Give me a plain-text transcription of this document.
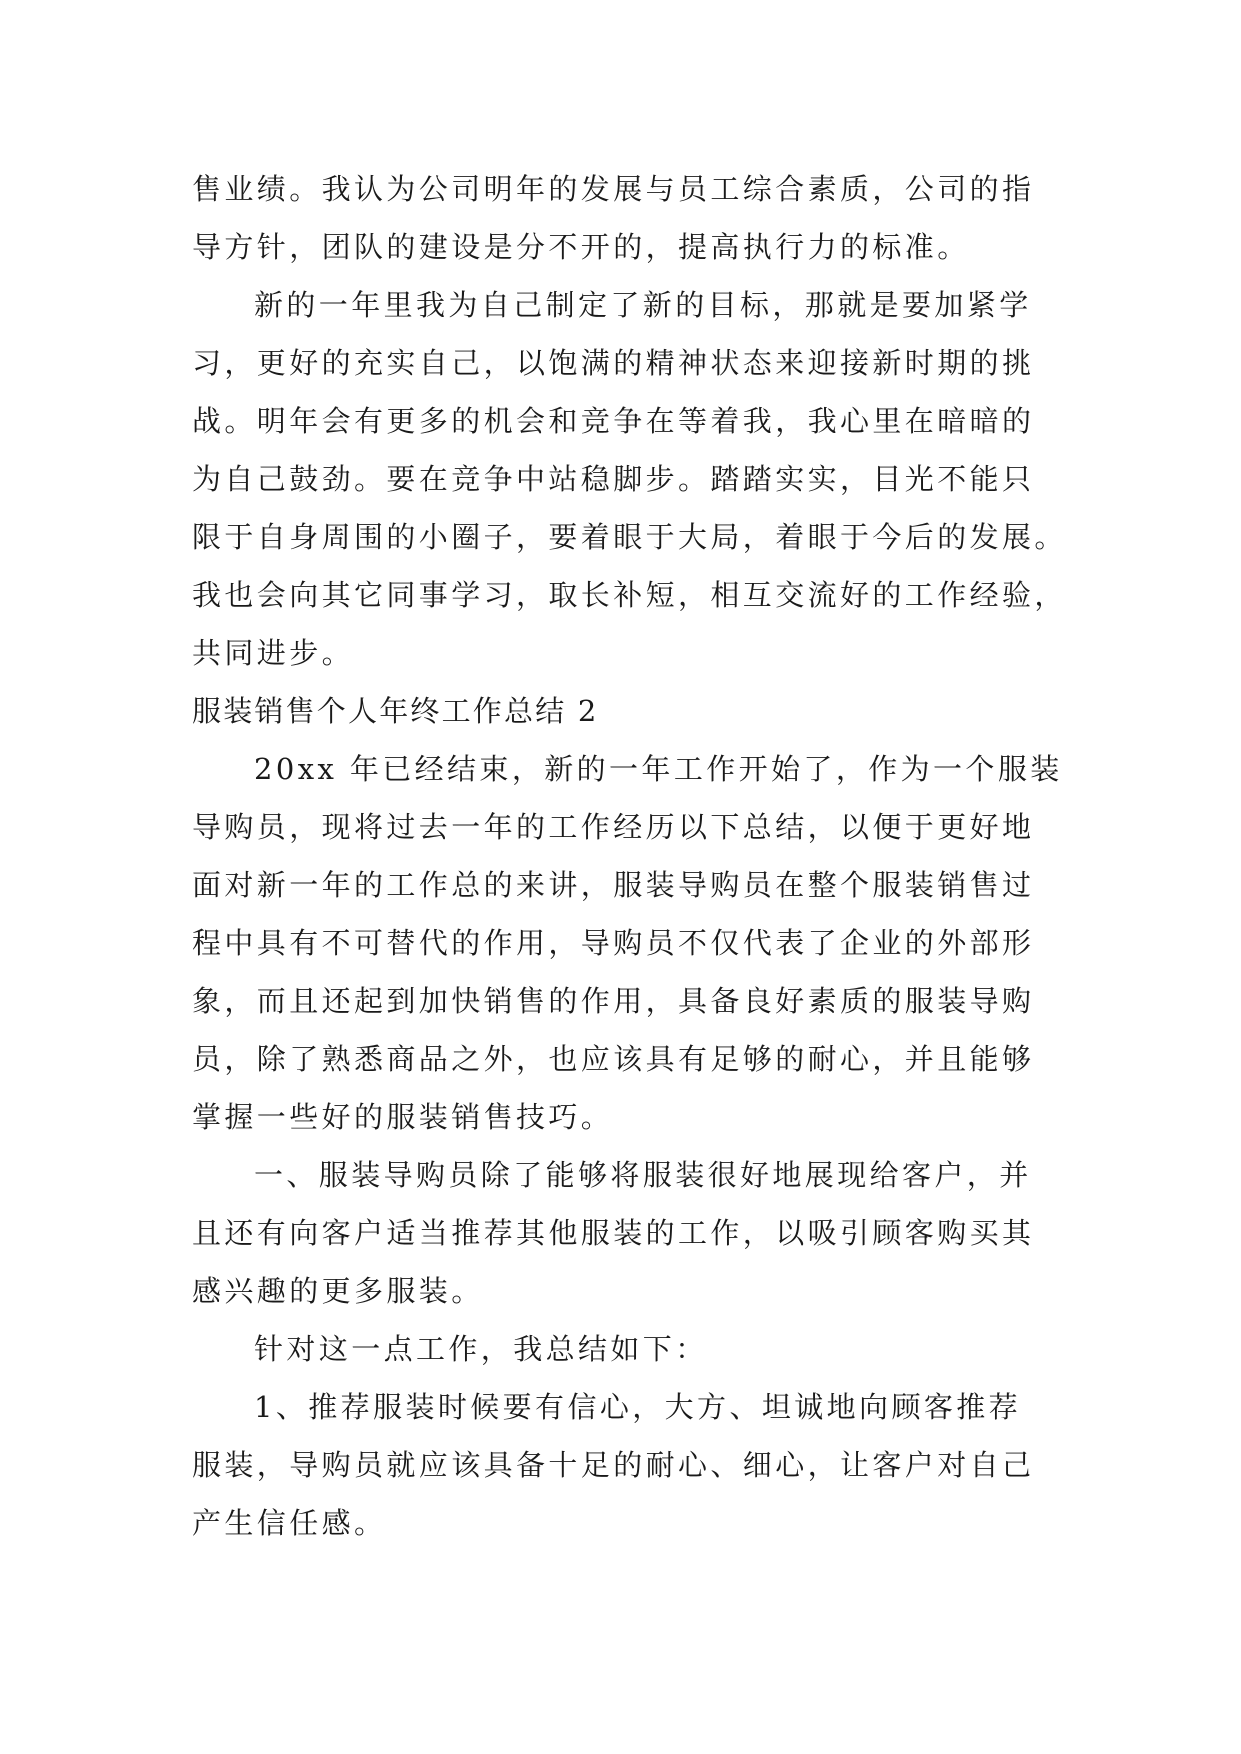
售业绩。我认为公司明年的发展与员工综合素质，公司的指
导方针，团队的建设是分不开的，提高执行力的标准。
新的一年里我为自己制定了新的目标，那就是要加紧学
习，更好的充实自己，以饱满的精神状态来迎接新时期的挑
战。明年会有更多的机会和竞争在等着我，我心里在暗暗的
为自己鼓劲。要在竞争中站稳脚步。踏踏实实，目光不能只
限于自身周围的小圈子，要着眼于大局，着眼于今后的发展。
我也会向其它同事学习，取长补短，相互交流好的工作经验，
共同进步。
服装销售个人年终工作总结 2
20xx 年已经结束，新的一年工作开始了，作为一个服装
导购员，现将过去一年的工作经历以下总结，以便于更好地
面对新一年的工作总的来讲，服装导购员在整个服装销售过
程中具有不可替代的作用，导购员不仅代表了企业的外部形
象，而且还起到加快销售的作用，具备良好素质的服装导购
员，除了熟悉商品之外，也应该具有足够的耐心，并且能够
掌握一些好的服装销售技巧。
一、服装导购员除了能够将服装很好地展现给客户，并
且还有向客户适当推荐其他服装的工作，以吸引顾客购买其
感兴趣的更多服装。
针对这一点工作，我总结如下：
1、推荐服装时候要有信心，大方、坦诚地向顾客推荐
服装，导购员就应该具备十足的耐心、细心，让客户对自己
产生信任感。
